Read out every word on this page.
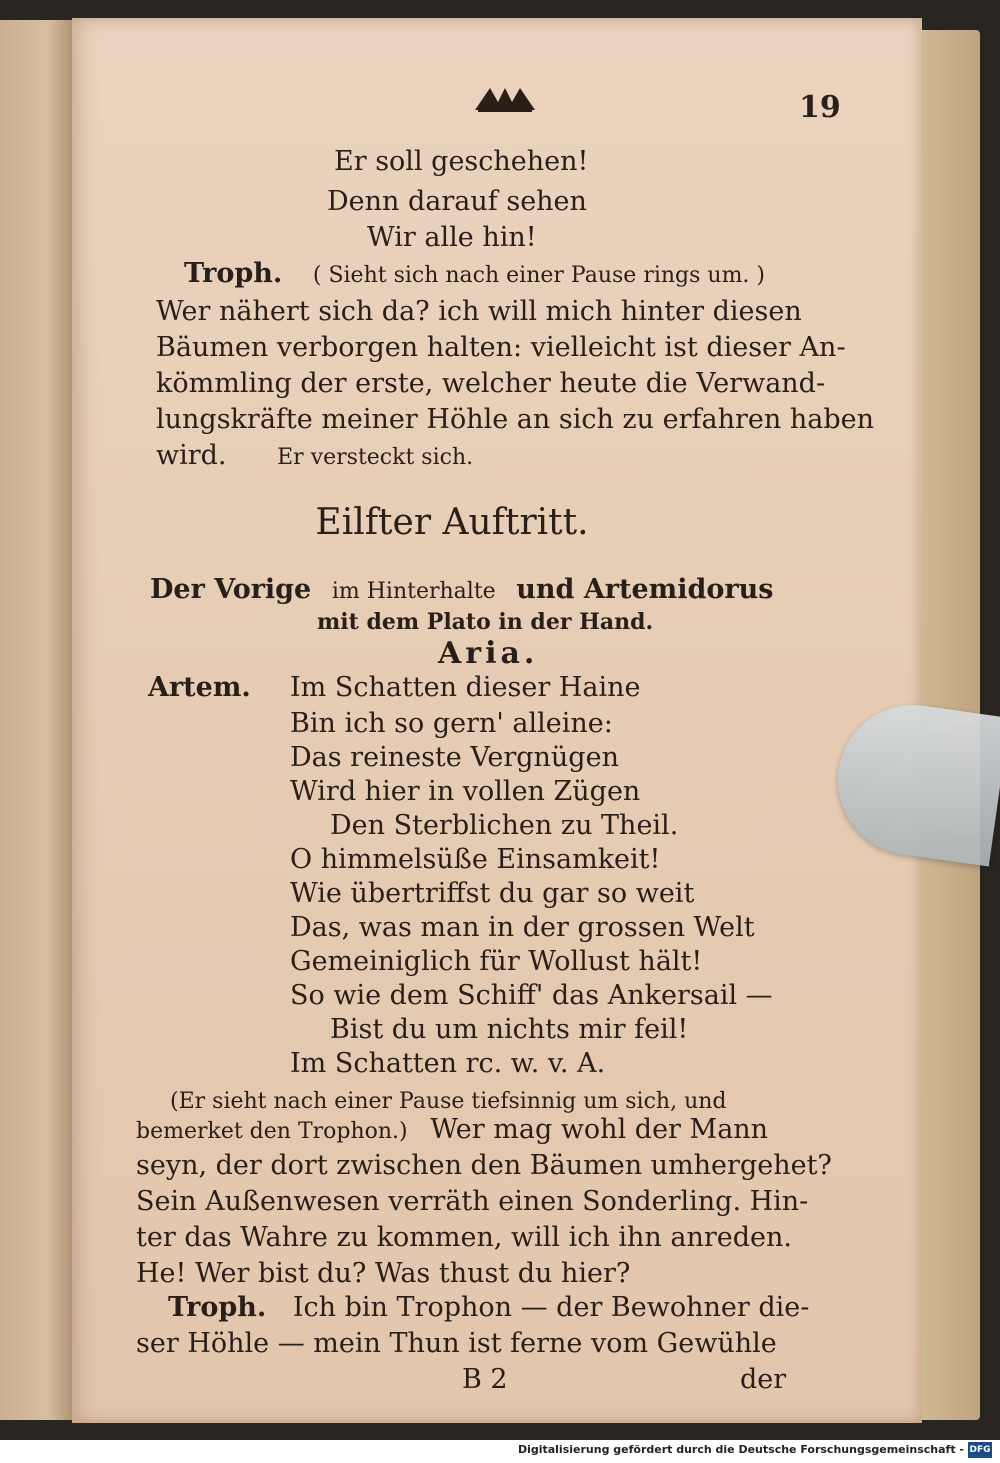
19
Er soll geschehen!
Denn darauf sehen
Wir alle hin!
Troph. ( Sieht sich nach einer Pause rings um. )
Wer nähert sich da? ich will mich hinter diesen
Bäumen verborgen halten: vielleicht ist dieser An-
kömmling der erste, welcher heute die Verwand-
lungskräfte meiner Höhle an sich zu erfahren haben
wird. Er versteckt sich.
Eilfter Auftritt.
Der Vorige im Hinterhalte und Artemidorus
mit dem Plato in der Hand.
Aria.
Artem. Im Schatten dieser Haine
Bin ich so gern' alleine:
Das reineste Vergnügen
Wird hier in vollen Zügen
Den Sterblichen zu Theil.
O himmelsüße Einsamkeit!
Wie übertriffst du gar so weit
Das, was man in der grossen Welt
Gemeiniglich für Wollust hält!
So wie dem Schiff' das Ankersail —
Bist du um nichts mir feil!
Im Schatten rc. w. v. A.
(Er sieht nach einer Pause tiefsinnig um sich, und
bemerket den Trophon.) Wer mag wohl der Mann
seyn, der dort zwischen den Bäumen umhergehet?
Sein Außenwesen verräth einen Sonderling. Hin-
ter das Wahre zu kommen, will ich ihn anreden.
He! Wer bist du? Was thust du hier?
Troph. Ich bin Trophon — der Bewohner die-
ser Höhle — mein Thun ist ferne vom Gewühle
B 2	der
Digitalisierung gefördert durch die Deutsche Forschungsgemeinschaft - DFG
